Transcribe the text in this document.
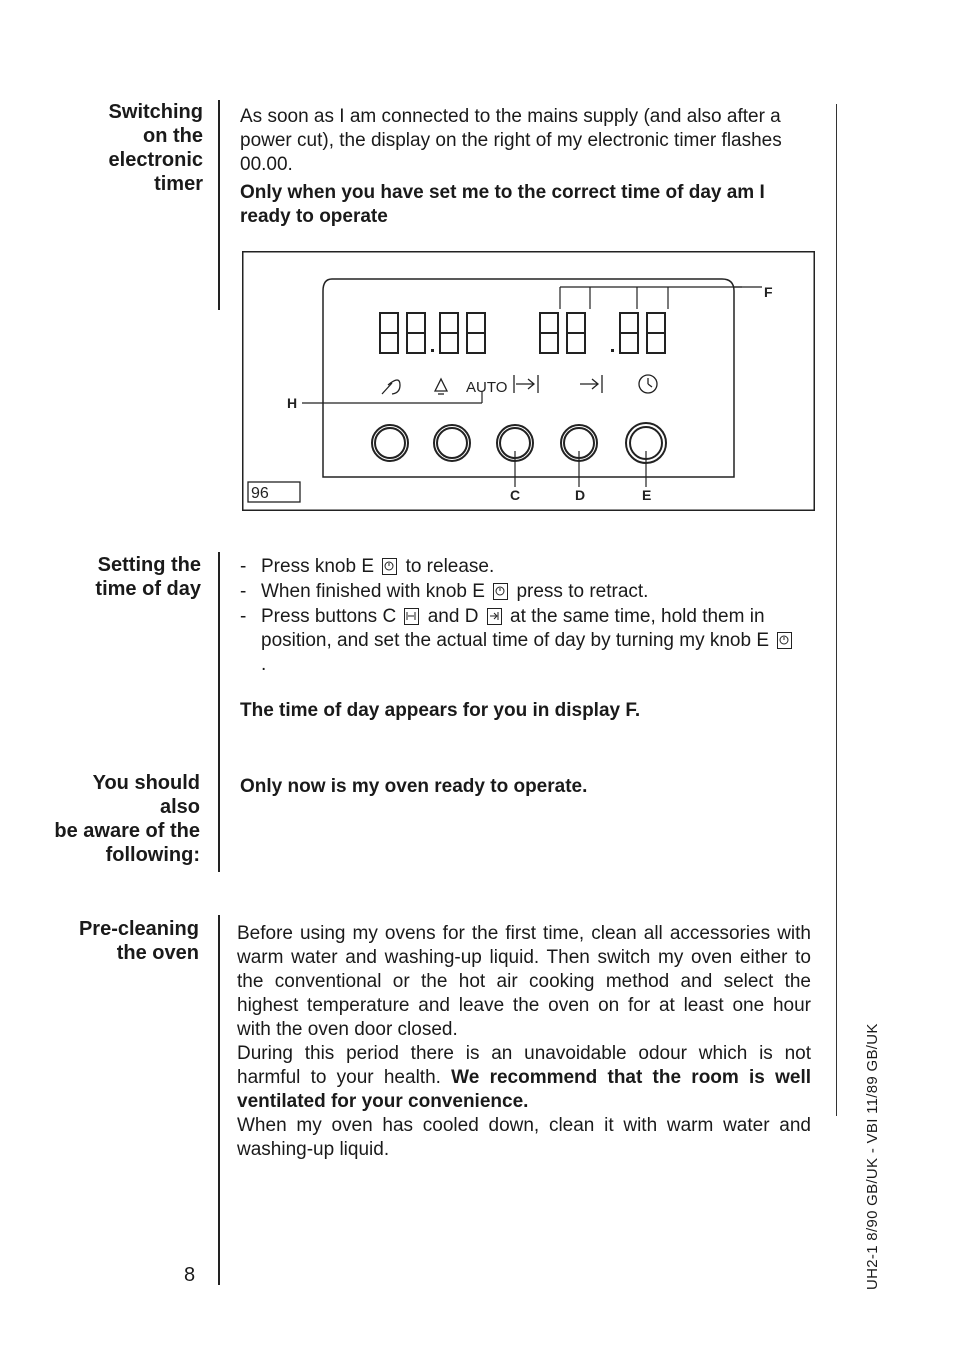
Switching
on the
electronic
timer
Setting the
time of day
You should
also
be aware of the
following:
Pre-cleaning
the oven
As soon as I am connected to the mains supply (and also after a power cut), the display on the right of my electronic timer flashes 00.00.
Only when you have set me to the correct time of day am I ready to operate
AUTO
96
F
H
C	D	E
- Press knob E to release.
- When finished with knob E press to retract.
- Press buttons C and D at the same time, hold them in position, and set the actual time of day by turning my knob E
.
The time of day appears for you in display F.
Only now is my oven ready to operate.
Before using my ovens for the first time, clean all accessories with warm water and washing-up liquid. Then switch my oven either to the conventional or the hot air cooking method and select the highest temperature and leave the oven on for at least one hour with the oven door closed.
During this period there is an unavoidable odour which is not harmful to your health. We recommend that the room is well ventilated for your convenience.
When my oven has cooled down, clean it with warm water and washing-up liquid.
8	UH2-1 8/90 GB/UK - VBI 11/89 GB/UK
